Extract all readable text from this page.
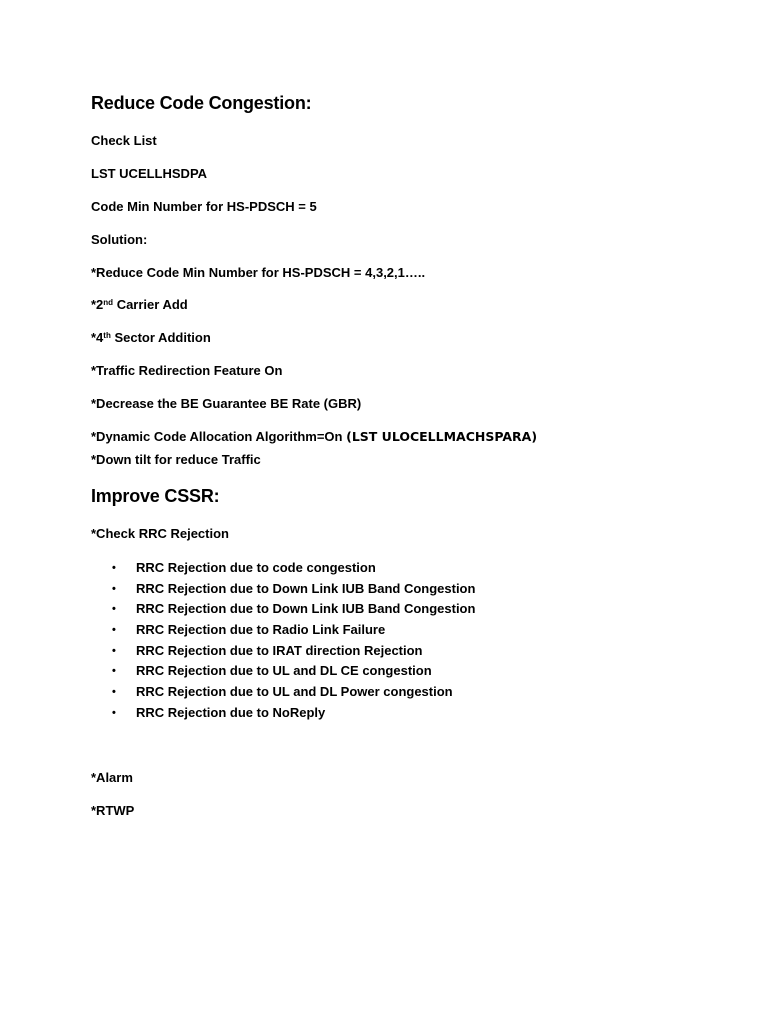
Reduce Code Congestion:
Check List
LST UCELLHSDPA
Code Min Number for HS-PDSCH = 5
Solution:
*Reduce Code Min Number for HS-PDSCH = 4,3,2,1…..
*2nd Carrier Add
*4th Sector Addition
*Traffic Redirection Feature On
*Decrease the BE Guarantee BE Rate (GBR)
*Dynamic Code Allocation Algorithm=On (LST ULOCELLMACHSPARA)
*Down tilt for reduce Traffic
Improve CSSR:
*Check RRC Rejection
•	RRC Rejection due to code congestion
•	RRC Rejection due to Down Link IUB Band Congestion
•	RRC Rejection due to Down Link IUB Band Congestion
•	RRC Rejection due to Radio Link Failure
•	RRC Rejection due to IRAT direction Rejection
•	RRC Rejection due to UL and DL CE congestion
•	RRC Rejection due to UL and DL Power congestion
•	RRC Rejection due to NoReply
*Alarm
*RTWP
